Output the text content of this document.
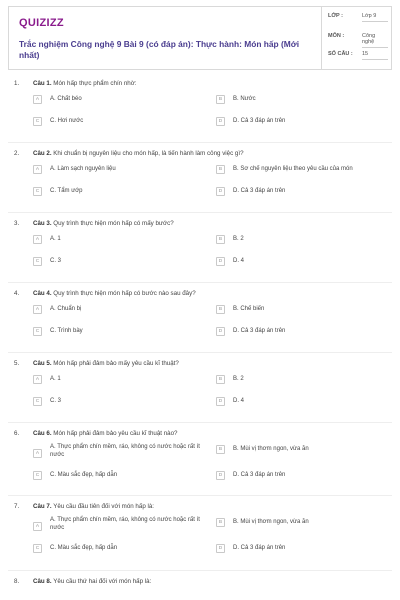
QUIZIZZ
Trắc nghiệm Công nghệ 9 Bài 9 (có đáp án): Thực hành: Món hấp (Mới nhất)
LỚP :	Lớp 9
MÔN :	Công nghệ
SỐ CÂU : 15
1. Câu 1. Món hấp thực phẩm chín nhờ:
A	A. Chất béo	B	B. Nước
C	C. Hơi nước	D	D. Cả 3 đáp án trên
2. Câu 2. Khi chuẩn bị nguyên liệu cho món hấp, là tiến hành làm công việc gì?
A	A. Làm sạch nguyên liệu	B	B. Sơ chế nguyên liệu theo yêu cầu của món
C	C. Tẩm ướp	D	D. Cả 3 đáp án trên
3. Câu 3. Quy trình thực hiện món hấp có mấy bước?
A	A. 1	B	B. 2
C	C. 3	D	D. 4
4. Câu 4. Quy trình thực hiện món hấp có bước nào sau đây?
A	A. Chuẩn bị	B	B. Chế biến
C	C. Trình bày	D	D. Cả 3 đáp án trên
5. Câu 5. Món hấp phải đảm bảo mấy yêu cầu kĩ thuật?
A	A. 1	B	B. 2
C	C. 3	D	D. 4
6. Câu 6. Món hấp phải đảm bảo yêu cầu kĩ thuật nào?
A
A. Thực phẩm chín mềm, ráo, không có nước hoặc rất ít nước
B	B. Mùi vị thơm ngon, vừa ăn
C	C. Màu sắc đẹp, hấp dẫn	D	D. Cả 3 đáp án trên
7. Câu 7. Yêu cầu đầu tiên đối với món hấp là:
A
A. Thực phẩm chín mềm, ráo, không có nước hoặc rất ít nước
B	B. Mùi vị thơm ngon, vừa ăn
C	C. Màu sắc đẹp, hấp dẫn	D	D. Cả 3 đáp án trên
8. Câu 8. Yêu cầu thứ hai đối với món hấp là:
